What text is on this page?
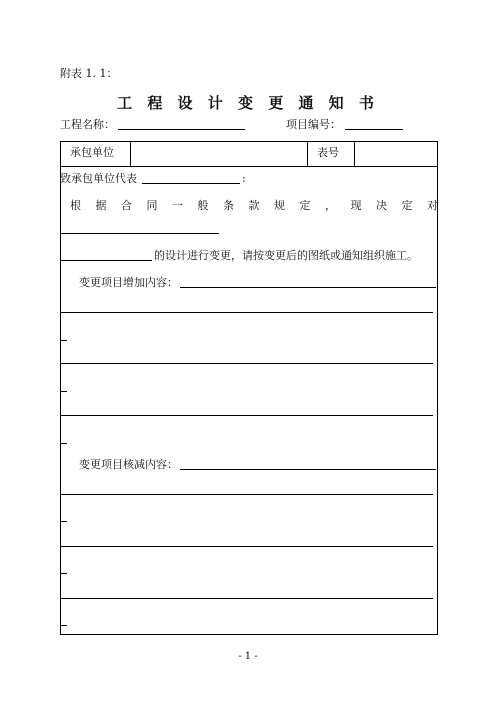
附表 1. 1：
工 程 设 计 变 更 通 知 书
工程名称：	项目编号：
承包单位	表号
致承包单位代表	:
根 据 合 同 一 般 条 款 规 定 ， 现 决 定 对
的设计进行变更，请按变更后的图纸或通知组织施工。
变更项目增加内容：
变更项目核减内容：
- 1 -
